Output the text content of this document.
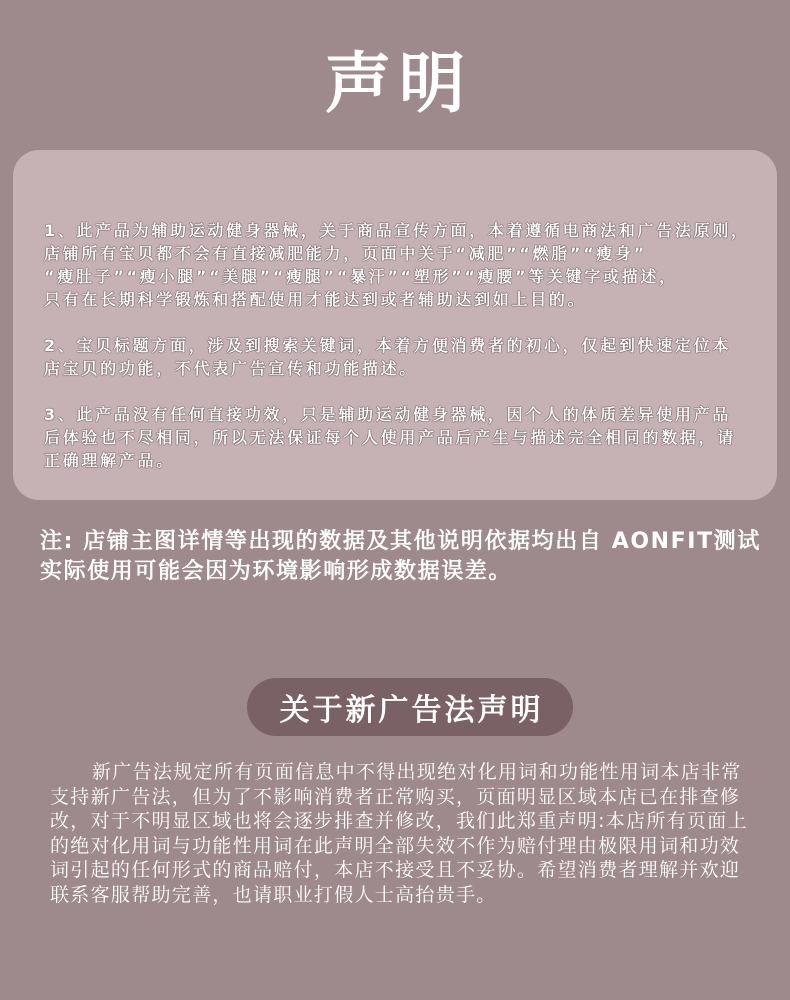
声明
1、此产品为辅助运动健身器械，关于商品宣传方面，本着遵循电商法和广告法原则，
店铺所有宝贝都不会有直接减肥能力，页面中关于“减肥”“燃脂”“瘦身”
“瘦肚子”“瘦小腿”“美腿”“瘦腿”“暴汗”“塑形”“瘦腰”等关键字或描述，
只有在长期科学锻炼和搭配使用才能达到或者辅助达到如上目的。
2、宝贝标题方面，涉及到搜索关键词，本着方便消费者的初心，仅起到快速定位本
店宝贝的功能，不代表广告宣传和功能描述。
3、此产品没有任何直接功效，只是辅助运动健身器械，因个人的体质差异使用产品
后体验也不尽相同，所以无法保证每个人使用产品后产生与描述完全相同的数据，请
正确理解产品。
注: 店铺主图详情等出现的数据及其他说明依据均出自 AONFIT测试
实际使用可能会因为环境影响形成数据误差。
关于新广告法声明
新广告法规定所有页面信息中不得出现绝对化用词和功能性用词本店非常
支持新广告法，但为了不影响消费者正常购买，页面明显区域本店已在排查修
改，对于不明显区域也将会逐步排查并修改，我们此郑重声明:本店所有页面上
的绝对化用词与功能性用词在此声明全部失效不作为赔付理由极限用词和功效
词引起的任何形式的商品赔付，本店不接受且不妥协。希望消费者理解并欢迎
联系客服帮助完善，也请职业打假人士高抬贵手。
